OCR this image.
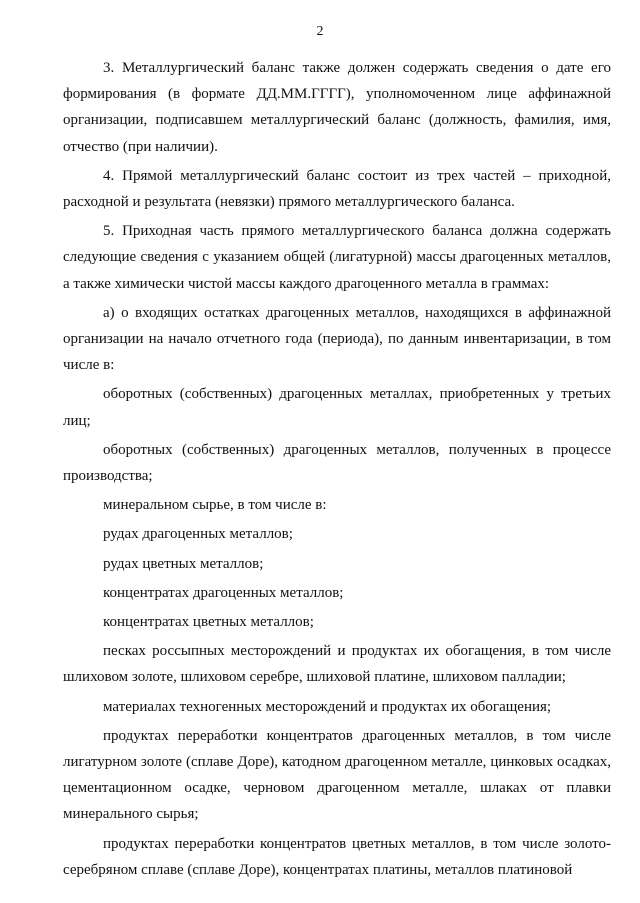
2

3. Металлургический баланс также должен содержать сведения о дате его формирования (в формате ДД.ММ.ГГГГ), уполномоченном лице аффинажной организации, подписавшем металлургический баланс (должность, фамилия, имя, отчество (при наличии).

4. Прямой металлургический баланс состоит из трех частей – приходной, расходной и результата (невязки) прямого металлургического баланса.

5. Приходная часть прямого металлургического баланса должна содержать следующие сведения с указанием общей (лигатурной) массы драгоценных металлов, а также химически чистой массы каждого драгоценного металла в граммах:

а) о входящих остатках драгоценных металлов, находящихся в аффинажной организации на начало отчетного года (периода), по данным инвентаризации, в том числе в:

оборотных (собственных) драгоценных металлах, приобретенных у третьих лиц;

оборотных (собственных) драгоценных металлов, полученных в процессе производства;

минеральном сырье, в том числе в:

рудах драгоценных металлов;

рудах цветных металлов;

концентратах драгоценных металлов;

концентратах цветных металлов;

песках россыпных месторождений и продуктах их обогащения, в том числе шлиховом золоте, шлиховом серебре, шлиховой платине, шлиховом палладии;

материалах техногенных месторождений и продуктах их обогащения;

продуктах переработки концентратов драгоценных металлов, в том числе лигатурном золоте (сплаве Доре), катодном драгоценном металле, цинковых осадках, цементационном осадке, черновом драгоценном металле, шлаках от плавки минерального сырья;

продуктах переработки концентратов цветных металлов, в том числе золото-серебряном сплаве (сплаве Доре), концентратах платины, металлов платиновой
